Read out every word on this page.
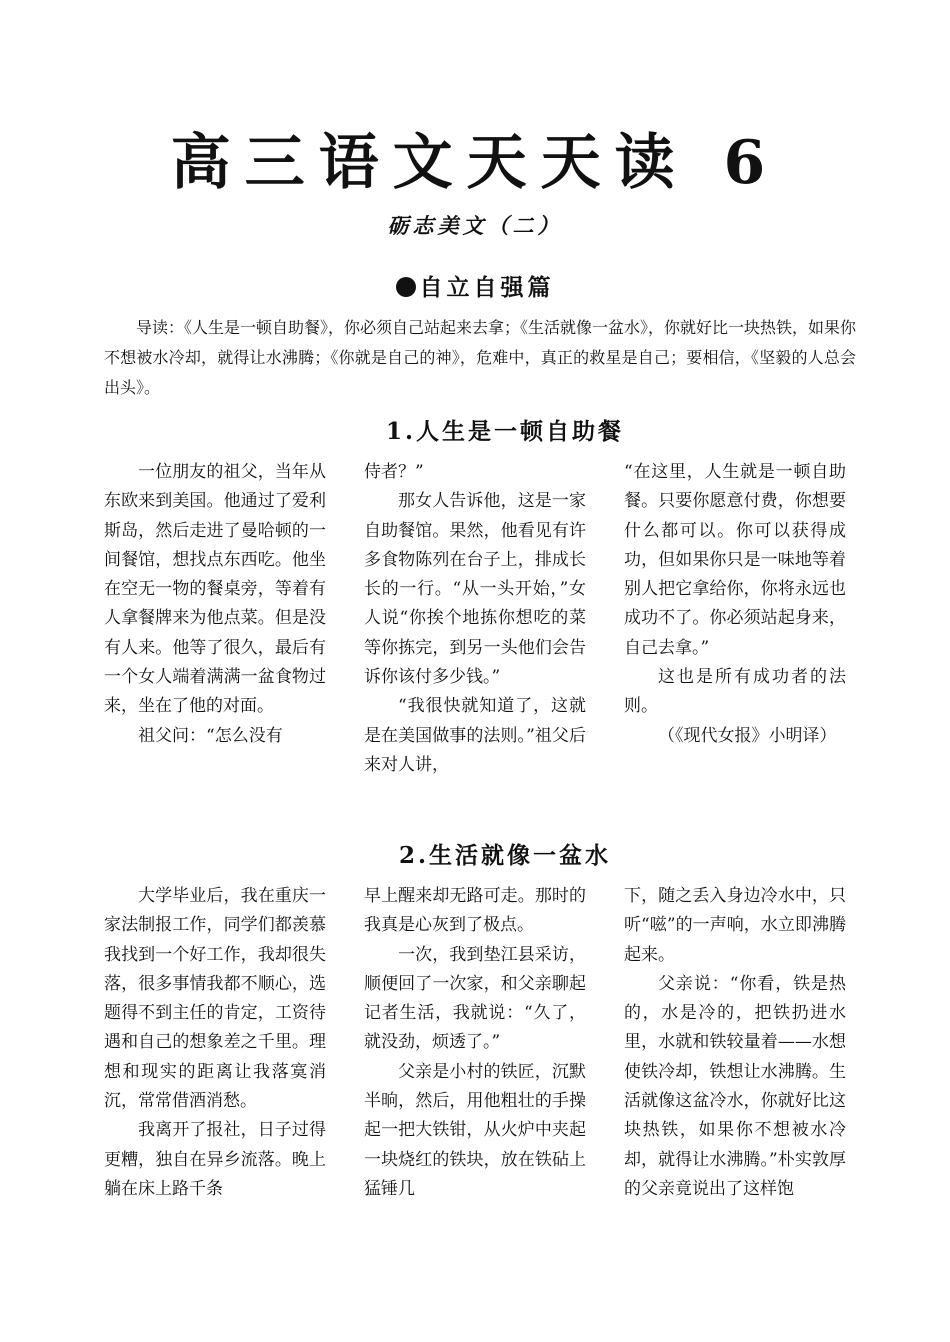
高三语文天天读 6
砺志美文（二）
自立自强篇

导读：《人生是一顿自助餐》，你必须自己站起来去拿；《生活就像一盆水》，你就好比一块热铁，如果你不想被水冷却，就得让水沸腾；《你就是自己的神》，危难中，真正的救星是自己；要相信，《坚毅的人总会出头》。

1.人生是一顿自助餐

一位朋友的祖父，当年从东欧来到美国。他通过了爱利斯岛，然后走进了曼哈顿的一间餐馆，想找点东西吃。他坐在空无一物的餐桌旁，等着有人拿餐牌来为他点菜。但是没有人来。他等了很久，最后有一个女人端着满满一盆食物过来，坐在了他的对面。

祖父问：“怎么没有

侍者？”

那女人告诉他，这是一家自助餐馆。果然，他看见有许多食物陈列在台子上，排成长长的一行。“从一头开始，”女人说“你挨个地拣你想吃的菜等你拣完，到另一头他们会告诉你该付多少钱。”

“我很快就知道了，这就是在美国做事的法则。”祖父后来对人讲，

“在这里，人生就是一顿自助餐。只要你愿意付费，你想要什么都可以。你可以获得成功，但如果你只是一味地等着别人把它拿给你，你将永远也成功不了。你必须站起身来，自己去拿。”

这也是所有成功者的法则。

（《现代女报》小明译）

2.生活就像一盆水

大学毕业后，我在重庆一家法制报工作，同学们都羡慕我找到一个好工作，我却很失落，很多事情我都不顺心，选题得不到主任的肯定，工资待遇和自己的想象差之千里。理想和现实的距离让我落寞消沉，常常借酒消愁。

我离开了报社，日子过得更糟，独自在异乡流落。晚上躺在床上路千条

早上醒来却无路可走。那时的我真是心灰到了极点。

一次，我到垫江县采访，顺便回了一次家，和父亲聊起记者生活，我就说：“久了，就没劲，烦透了。”

父亲是小村的铁匠，沉默半晌，然后，用他粗壮的手操起一把大铁钳，从火炉中夹起一块烧红的铁块，放在铁砧上猛锤几

下，随之丢入身边冷水中，只听“嗞”的一声响，水立即沸腾起来。

父亲说：“你看，铁是热的，水是冷的，把铁扔进水里，水就和铁较量着——水想使铁冷却，铁想让水沸腾。生活就像这盆冷水，你就好比这块热铁，如果你不想被水冷却，就得让水沸腾。”朴实敦厚的父亲竟说出了这样饱
